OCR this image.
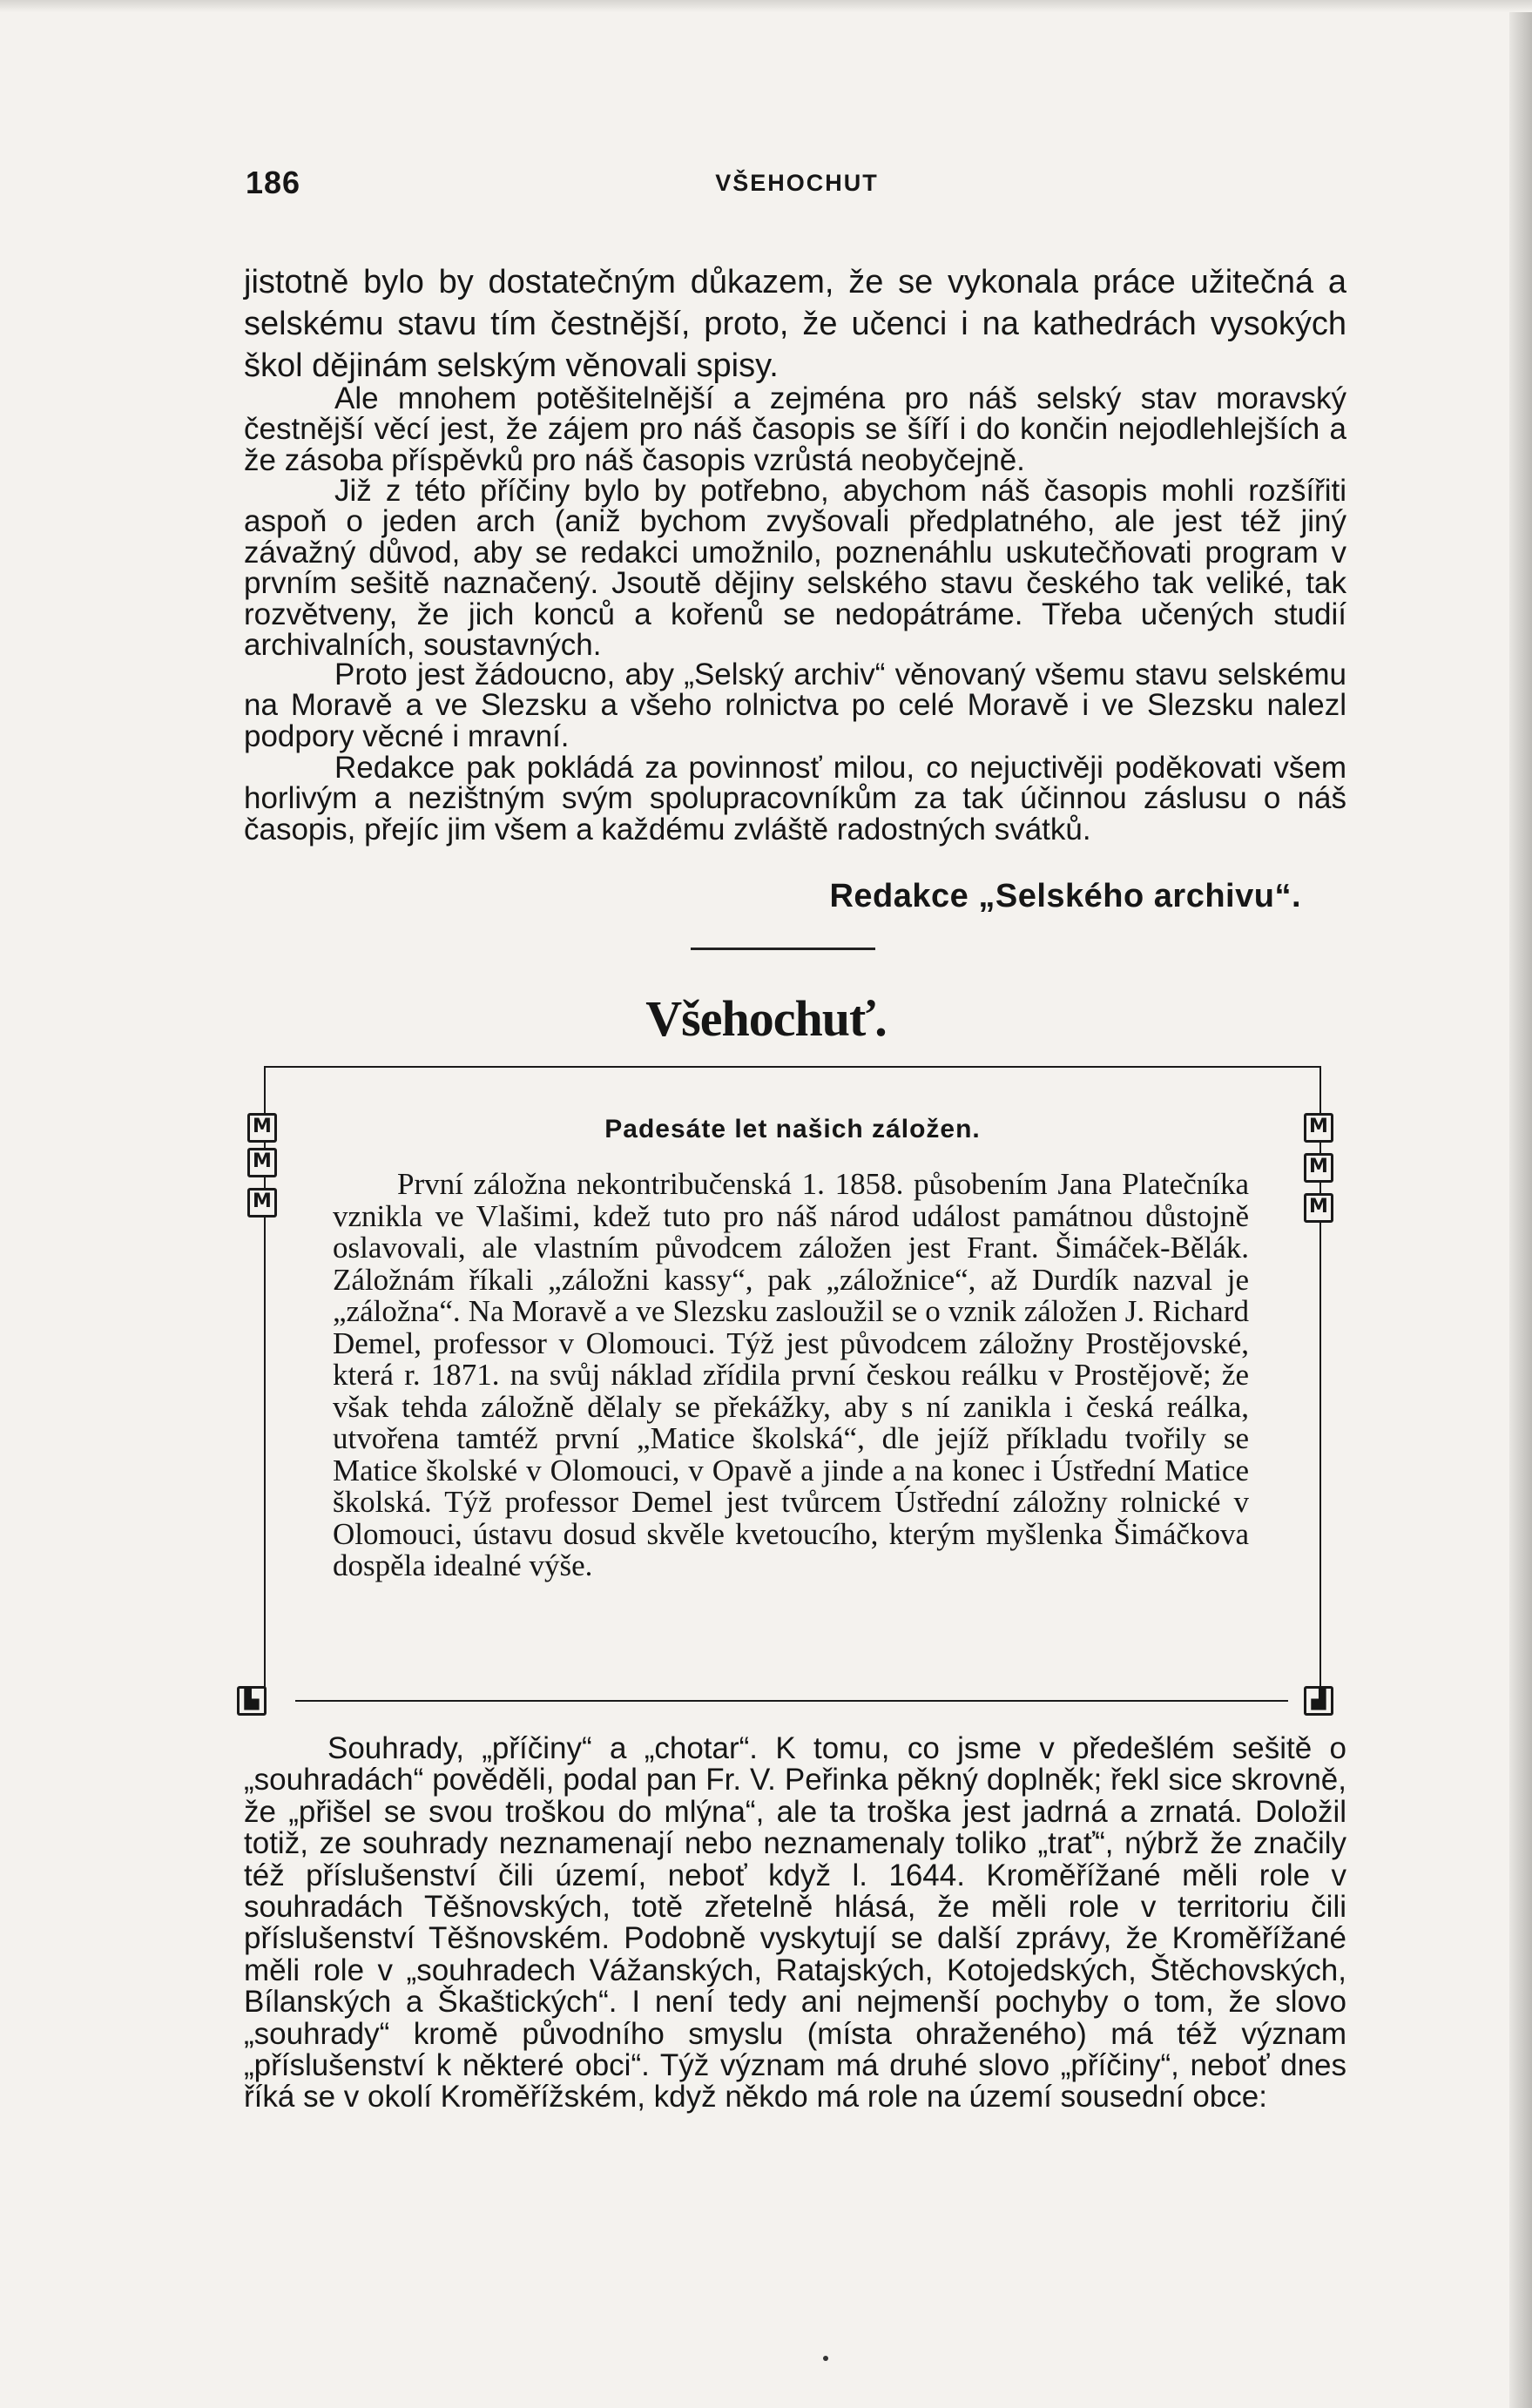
186	VŠEHOCHUT

jistotně bylo by dostatečným důkazem, že se vykonala práce užitečná a selskému stavu tím čestnější, proto, že učenci i na kathedrách vysokých škol dějinám selským věnovali spisy.

Ale mnohem potěšitelnější a zejména pro náš selský stav moravský čestnější věcí jest, že zájem pro náš časopis se šíří i do končin nejodlehlejších a že zásoba příspěvků pro náš časopis vzrůstá neobyčejně.

Již z této příčiny bylo by potřebno, abychom náš časopis mohli rozšířiti aspoň o jeden arch (aniž bychom zvyšovali předplatného, ale jest též jiný závažný důvod, aby se redakci umožnilo, poznenáhlu uskutečňovati program v prvním sešitě naznačený. Jsoutě dějiny selského stavu českého tak veliké, tak rozvětveny, že jich konců a kořenů se nedopátráme. Třeba učených studií archivalních, soustavných.

Proto jest žádoucno, aby „Selský archiv“ věnovaný všemu stavu selskému na Moravě a ve Slezsku a všeho rolnictva po celé Moravě i ve Slezsku nalezl podpory věcné i mravní.

Redakce pak pokládá za povinnosť milou, co nejuctivěji poděkovati všem horlivým a nezištným svým spolupracovníkům za tak účinnou záslusu o náš časopis, přejíc jim všem a každému zvláště radostných svátků.

Redakce „Selského archivu“.
Všehochuť.
M
M
M
M
M
M
▙	▟
Padesáte let našich záložen.

První záložna nekontribučenská 1. 1858. působením Jana Platečníka vznikla ve Vlašimi, kdež tuto pro náš národ událost památnou důstojně oslavovali, ale vlastním původcem záložen jest Frant. Šimáček-Bělák. Záložnám říkali „záložni kassy“, pak „záložnice“, až Durdík nazval je „záložna“. Na Moravě a ve Slezsku zasloužil se o vznik záložen J. Richard Demel, professor v Olomouci. Týž jest původcem záložny Prostějovské, která r. 1871. na svůj náklad zřídila první českou reálku v Prostějově; že však tehda záložně dělaly se překážky, aby s ní zanikla i česká reálka, utvořena tamtéž první „Matice školská“, dle jejíž příkladu tvořily se Matice školské v Olomouci, v Opavě a jinde a na konec i Ústřední Matice školská. Týž professor Demel jest tvůrcem Ústřední záložny rolnické v Olomouci, ústavu dosud skvěle kvetoucího, kterým myšlenka Šimáčkova dospěla idealné výše.

Souhrady, „příčiny“ a „chotar“. K tomu, co jsme v předešlém sešitě o „souhradách“ pověděli, podal pan Fr. V. Peřinka pěkný doplněk; řekl sice skrovně, že „přišel se svou troškou do mlýna“, ale ta troška jest jadrná a zrnatá. Doložil totiž, ze souhrady neznamenají nebo neznamenaly toliko „trať“, nýbrž že značily též příslušenství čili území, neboť když l. 1644. Kroměřížané měli role v souhradách Těšnovských, totě zřetelně hlásá, že měli role v territoriu čili příslušenství Těšnovském. Podobně vyskytují se další zprávy, že Kroměřížané měli role v „souhradech Vážanských, Ratajských, Kotojedských, Štěchovských, Bílanských a Škaštických“. I není tedy ani nejmenší pochyby o tom, že slovo „souhrady“ kromě původního smyslu (místa ohraženého) má též význam „příslušenství k některé obci“. Týž význam má druhé slovo „příčiny“, neboť dnes říká se v okolí Kroměřížském, když někdo má role na území sousední obce:
